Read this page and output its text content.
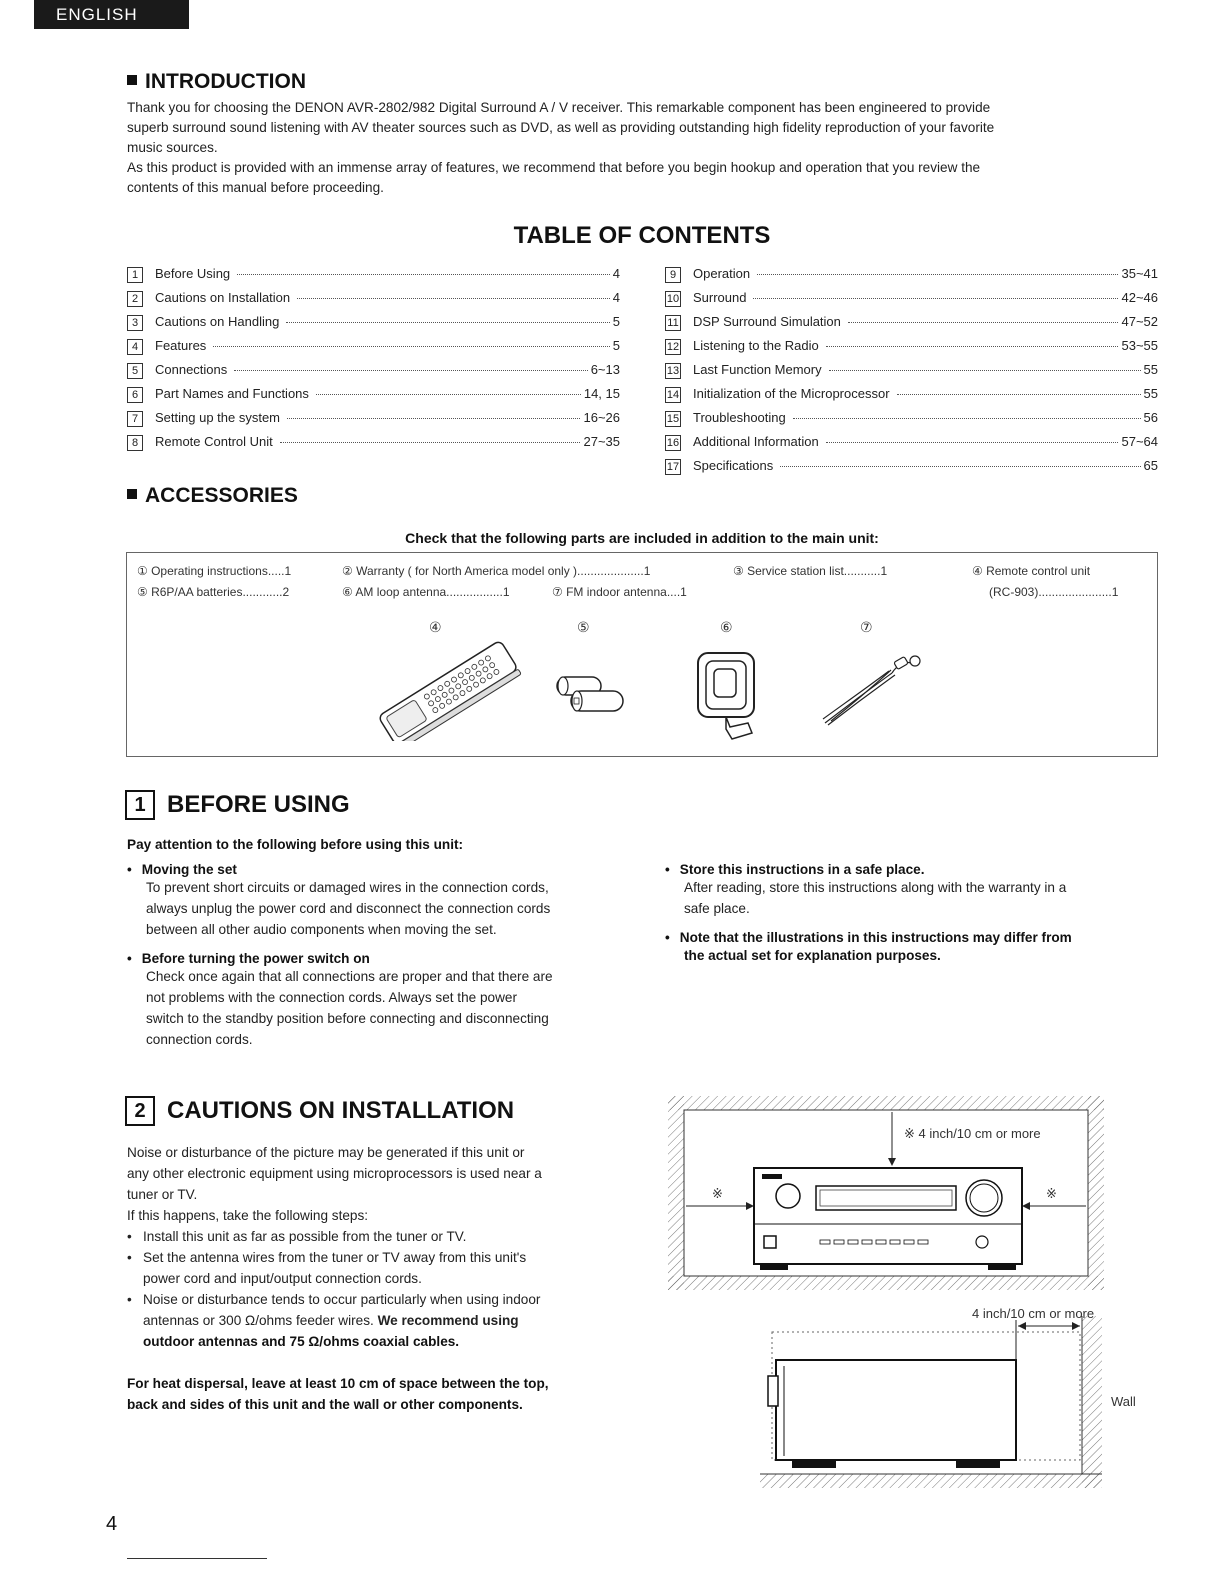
ENGLISH
INTRODUCTION
Thank you for choosing the DENON AVR-2802/982 Digital Surround A / V receiver. This remarkable component has been engineered to provide
superb surround sound listening with AV theater sources such as DVD, as well as providing outstanding high fidelity reproduction of your favorite
music sources.
As this product is provided with an immense array of features, we recommend that before you begin hookup and operation that you review the
contents of this manual before proceeding.
TABLE OF CONTENTS
1	Before Using	4
2	Cautions on Installation	4
3	Cautions on Handling	5
4	Features	5
5	Connections	6~13
6	Part Names and Functions	14, 15
7	Setting up the system	16~26
8	Remote Control Unit	27~35
9	Operation	35~41
10 Surround	42~46
11 DSP Surround Simulation	47~52
12 Listening to the Radio	53~55
13 Last Function Memory	55
14 Initialization of the Microprocessor	55
15 Troubleshooting	56
16 Additional Information	57~64
17 Specifications	65
ACCESSORIES
Check that the following parts are included in addition to the main unit:
① Operating instructions.....1	② Warranty ( for North America model only )....................1	③ Service station list...........1	④ Remote control unit
⑤ R6P/AA batteries............2	⑥ AM loop antenna.................1	⑦ FM indoor antenna....1	(RC-903)......................1
④	⑤	⑥	⑦
1 BEFORE USING
Pay attention to the following before using this unit:
• Moving the set
To prevent short circuits or damaged wires in the connection cords,
always unplug the power cord and disconnect the connection cords
between all other audio components when moving the set.
• Before turning the power switch on
Check once again that all connections are proper and that there are
not problems with the connection cords. Always set the power
switch to the standby position before connecting and disconnecting
connection cords.
• Store this instructions in a safe place.
After reading, store this instructions along with the warranty in a
safe place.
• Note that the illustrations in this instructions may differ from
the actual set for explanation purposes.
2 CAUTIONS ON INSTALLATION
Noise or disturbance of the picture may be generated if this unit or
any other electronic equipment using microprocessors is used near a
tuner or TV.
If this happens, take the following steps:
• Install this unit as far as possible from the tuner or TV.
• Set the antenna wires from the tuner or TV away from this unit's
power cord and input/output connection cords.
• Noise or disturbance tends to occur particularly when using indoor
antennas or 300 Ω/ohms feeder wires. We recommend using
outdoor antennas and 75 Ω/ohms coaxial cables.
For heat dispersal, leave at least 10 cm of space between the top,
back and sides of this unit and the wall or other components.
※ 4 inch/10 cm or more
※	※
4 inch/10 cm or more
Wall
4
